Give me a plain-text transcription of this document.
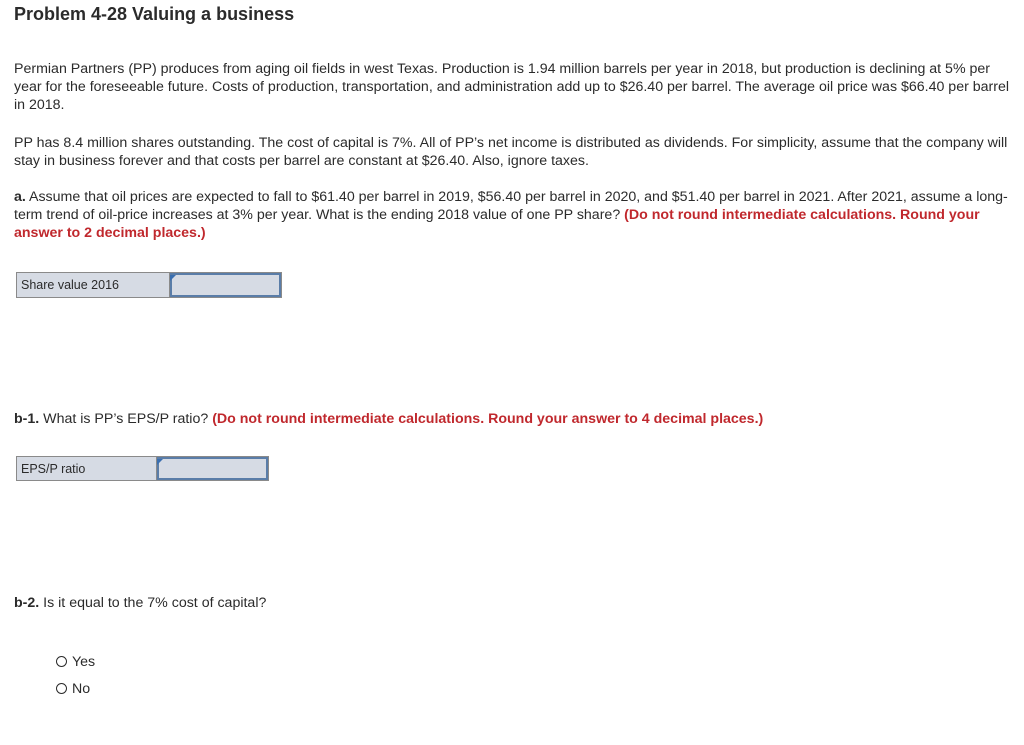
Problem 4-28 Valuing a business

Permian Partners (PP) produces from aging oil fields in west Texas. Production is 1.94 million barrels per year in 2018, but production is declining at 5% per year for the foreseeable future. Costs of production, transportation, and administration add up to $26.40 per barrel. The average oil price was $66.40 per barrel in 2018.

PP has 8.4 million shares outstanding. The cost of capital is 7%. All of PP’s net income is distributed as dividends. For simplicity, assume that the company will stay in business forever and that costs per barrel are constant at $26.40. Also, ignore taxes.

a. Assume that oil prices are expected to fall to $61.40 per barrel in 2019, $56.40 per barrel in 2020, and $51.40 per barrel in 2021. After 2021, assume a long-term trend of oil-price increases at 3% per year. What is the ending 2018 value of one PP share? (Do not round intermediate calculations. Round your answer to 2 decimal places.)

Share value 2016

b-1. What is PP’s EPS/P ratio? (Do not round intermediate calculations. Round your answer to 4 decimal places.)

EPS/P ratio

b-2. Is it equal to the 7% cost of capital?

Yes
No
